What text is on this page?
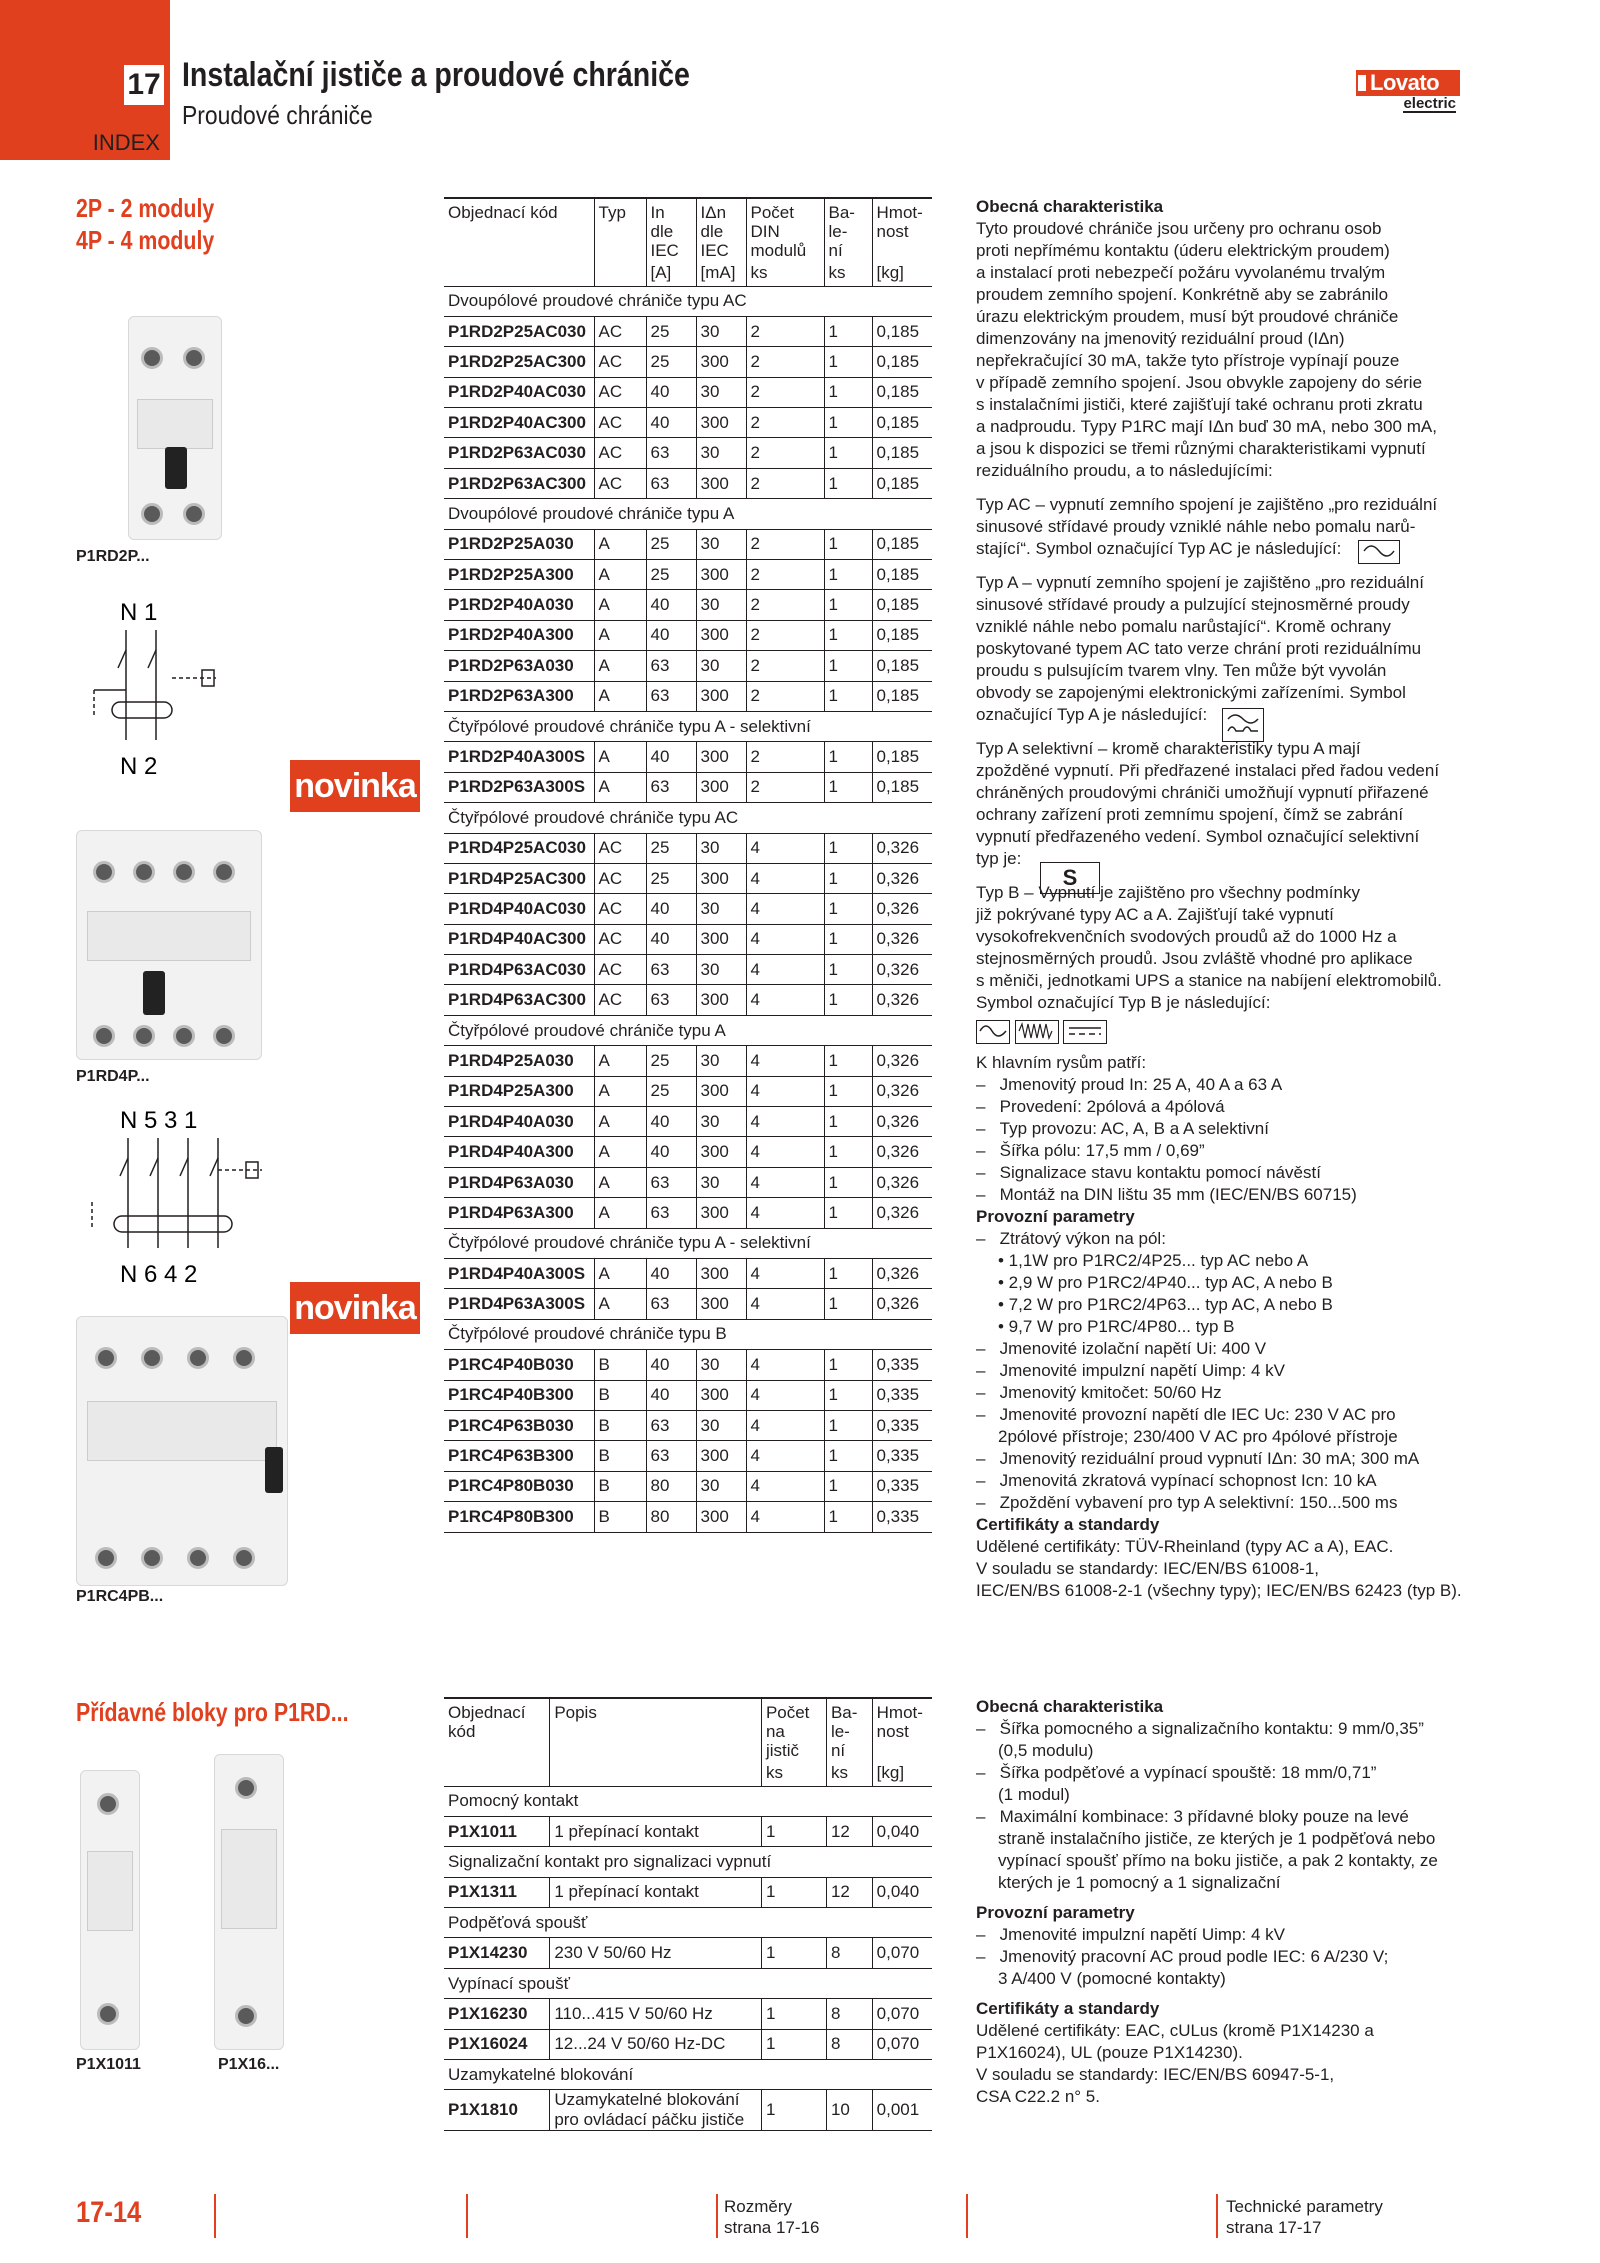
17
INDEX
Instalační jističe a proudové chrániče
Proudové chrániče
Lovato
electric
2P - 2 moduly
4P - 4 moduly
P1RD2P...
N 1
N 2
P1RD4P...
N 5 3 1
N 6 4 2
P1RC4PB...
novinka
novinka
Přídavné bloky pro P1RD...
P1X1011	P1X16...
Objednací kód	Typ	In dle IEC	IΔn dle IEC	Počet DIN modulů	Ba- le- ní	Hmot- nost

		[A]	[mA]	ks	ks	[kg]
Dvoupólové proudové chrániče typu AC						
P1RD2P25AC030	AC	25	30	2	1	0,185
P1RD2P25AC300	AC	25	300	2	1	0,185
P1RD2P40AC030	AC	40	30	2	1	0,185
P1RD2P40AC300	AC	40	300	2	1	0,185
P1RD2P63AC030	AC	63	30	2	1	0,185
P1RD2P63AC300	AC	63	300	2	1	0,185
Dvoupólové proudové chrániče typu A						
P1RD2P25A030	A	25	30	2	1	0,185
P1RD2P25A300	A	25	300	2	1	0,185
P1RD2P40A030	A	40	30	2	1	0,185
P1RD2P40A300	A	40	300	2	1	0,185
P1RD2P63A030	A	63	30	2	1	0,185
P1RD2P63A300	A	63	300	2	1	0,185
Čtyřpólové proudové chrániče typu A - selektivní						
P1RD2P40A300S	A	40	300	2	1	0,185
P1RD2P63A300S	A	63	300	2	1	0,185
Čtyřpólové proudové chrániče typu AC						
P1RD4P25AC030	AC	25	30	4	1	0,326
P1RD4P25AC300	AC	25	300	4	1	0,326
P1RD4P40AC030	AC	40	30	4	1	0,326
P1RD4P40AC300	AC	40	300	4	1	0,326
P1RD4P63AC030	AC	63	30	4	1	0,326
P1RD4P63AC300	AC	63	300	4	1	0,326
Čtyřpólové proudové chrániče typu A						
P1RD4P25A030	A	25	30	4	1	0,326
P1RD4P25A300	A	25	300	4	1	0,326
P1RD4P40A030	A	40	30	4	1	0,326
P1RD4P40A300	A	40	300	4	1	0,326
P1RD4P63A030	A	63	30	4	1	0,326
P1RD4P63A300	A	63	300	4	1	0,326
Čtyřpólové proudové chrániče typu A - selektivní						
P1RD4P40A300S	A	40	300	4	1	0,326
P1RD4P63A300S	A	63	300	4	1	0,326
Čtyřpólové proudové chrániče typu B						
P1RC4P40B030	B	40	30	4	1	0,335
P1RC4P40B300	B	40	300	4	1	0,335
P1RC4P63B030	B	63	30	4	1	0,335
P1RC4P63B300	B	63	300	4	1	0,335
P1RC4P80B030	B	80	30	4	1	0,335
P1RC4P80B300	B	80	300	4	1	0,335
Objednací kód	Popis	Počet na jistič	Ba- le- ní	Hmot- nost

		ks	ks	[kg]
Pomocný kontakt				
P1X1011	1 přepínací kontakt	1	12	0,040
Signalizační kontakt pro signalizaci vypnutí				
P1X1311	1 přepínací kontakt	1	12	0,040
Podpěťová spoušť				
P1X14230	230 V 50/60 Hz	1	8	0,070
Vypínací spoušť				
P1X16230	110...415 V 50/60 Hz	1	8	0,070
P1X16024	12...24 V 50/60 Hz-DC	1	8	0,070
Uzamykatelné blokování				
P1X1810	Uzamykatelné blokování pro ovládací páčku jističe	1	10	0,001

Obecná charakteristika

Tyto proudové chrániče jsou určeny pro ochranu osob

proti nepřímému kontaktu (úderu elektrickým proudem)

a instalací proti nebezpečí požáru vyvolanému trvalým

proudem zemního spojení. Konkrétně aby se zabránilo

úrazu elektrickým proudem, musí být proudové chrániče

dimenzovány na jmenovitý reziduální proud (IΔn)

nepřekračující 30 mA, takže tyto přístroje vypínají pouze

v případě zemního spojení. Jsou obvykle zapojeny do série

s instalačními jističi, které zajišťují také ochranu proti zkratu

a nadproudu. Typy P1RC mají IΔn buď 30 mA, nebo 300 mA,

a jsou k dispozici se třemi různými charakteristikami vypnutí

reziduálního proudu, a to následujícími:

Typ AC – vypnutí zemního spojení je zajištěno „pro reziduální

sinusové střídavé proudy vzniklé náhle nebo pomalu narů-

stající“. Symbol označující Typ AC je následující:

Typ A – vypnutí zemního spojení je zajištěno „pro reziduální

sinusové střídavé proudy a pulzující stejnosměrné proudy

vzniklé náhle nebo pomalu narůstající“. Kromě ochrany

poskytované typem AC tato verze chrání proti reziduálnímu

proudu s pulsujícím tvarem vlny. Ten může být vyvolán

obvody se zapojenými elektronickými zařízeními. Symbol

označující Typ A je následující:

Typ A selektivní – kromě charakteristiky typu A mají

zpožděné vypnutí. Při předřazené instalaci před řadou vedení

chráněných proudovými chrániči umožňují vypnutí přiřazené

ochrany zařízení proti zemnímu spojení, čímž se zabrání

vypnutí předřazeného vedení. Symbol označující selektivní

typ je:

Typ B – Vypnutí je zajištěno pro všechny podmínky

již pokrývané typy AC a A. Zajišťují také vypnutí

vysokofrekvenčních svodových proudů až do 1000 Hz a

stejnosměrných proudů. Jsou zvláště vhodné pro aplikace

s měniči, jednotkami UPS a stanice na nabíjení elektromobilů.

Symbol označující Typ B je následující:

K hlavním rysům patří:

–   Jmenovitý proud In: 25 A, 40 A a 63 A

–   Provedení: 2pólová a 4pólová

–   Typ provozu: AC, A, B a A selektivní

–   Šířka pólu: 17,5 mm / 0,69”

–   Signalizace stavu kontaktu pomocí návěstí

–   Montáž na DIN lištu 35 mm (IEC/EN/BS 60715)

Provozní parametry

–   Ztrátový výkon na pól:

• 1,1W pro P1RC2/4P25... typ AC nebo A

• 2,9 W pro P1RC2/4P40... typ AC, A nebo B

• 7,2 W pro P1RC2/4P63... typ AC, A nebo B

• 9,7 W pro P1RC/4P80... typ B

–   Jmenovité izolační napětí Ui: 400 V

–   Jmenovité impulzní napětí Uimp: 4 kV

–   Jmenovitý kmitočet: 50/60 Hz

–   Jmenovité provozní napětí dle IEC Uc: 230 V AC pro

2pólové přístroje; 230/400 V AC pro 4pólové přístroje

–   Jmenovitý reziduální proud vypnutí IΔn: 30 mA; 300 mA

–   Jmenovitá zkratová vypínací schopnost Icn: 10 kA

–   Zpoždění vybavení pro typ A selektivní: 150...500 ms

Certifikáty a standardy

Udělené certifikáty: TÜV-Rheinland (typy AC a A), EAC.

V souladu se standardy: IEC/EN/BS 61008-1,

IEC/EN/BS 61008-2-1 (všechny typy); IEC/EN/BS 62423 (typ B).

S

Obecná charakteristika

–   Šířka pomocného a signalizačního kontaktu: 9 mm/0,35”

(0,5 modulu)

–   Šířka podpěťové a vypínací spouště: 18 mm/0,71”

(1 modul)

–   Maximální kombinace: 3 přídavné bloky pouze na levé

straně instalačního jističe, ze kterých je 1 podpěťová nebo

vypínací spoušť přímo na boku jističe, a pak 2 kontakty, ze

kterých je 1 pomocný a 1 signalizační

Provozní parametry

–   Jmenovité impulzní napětí Uimp: 4 kV

–   Jmenovitý pracovní AC proud podle IEC: 6 A/230 V;

3 A/400 V (pomocné kontakty)

Certifikáty a standardy

Udělené certifikáty: EAC, cULus (kromě P1X14230 a

P1X16024), UL (pouze P1X14230).

V souladu se standardy: IEC/EN/BS 60947-5-1,

CSA C22.2 n° 5.

17-14	Rozměry
strana 17-16
Technické parametry
strana 17-17
